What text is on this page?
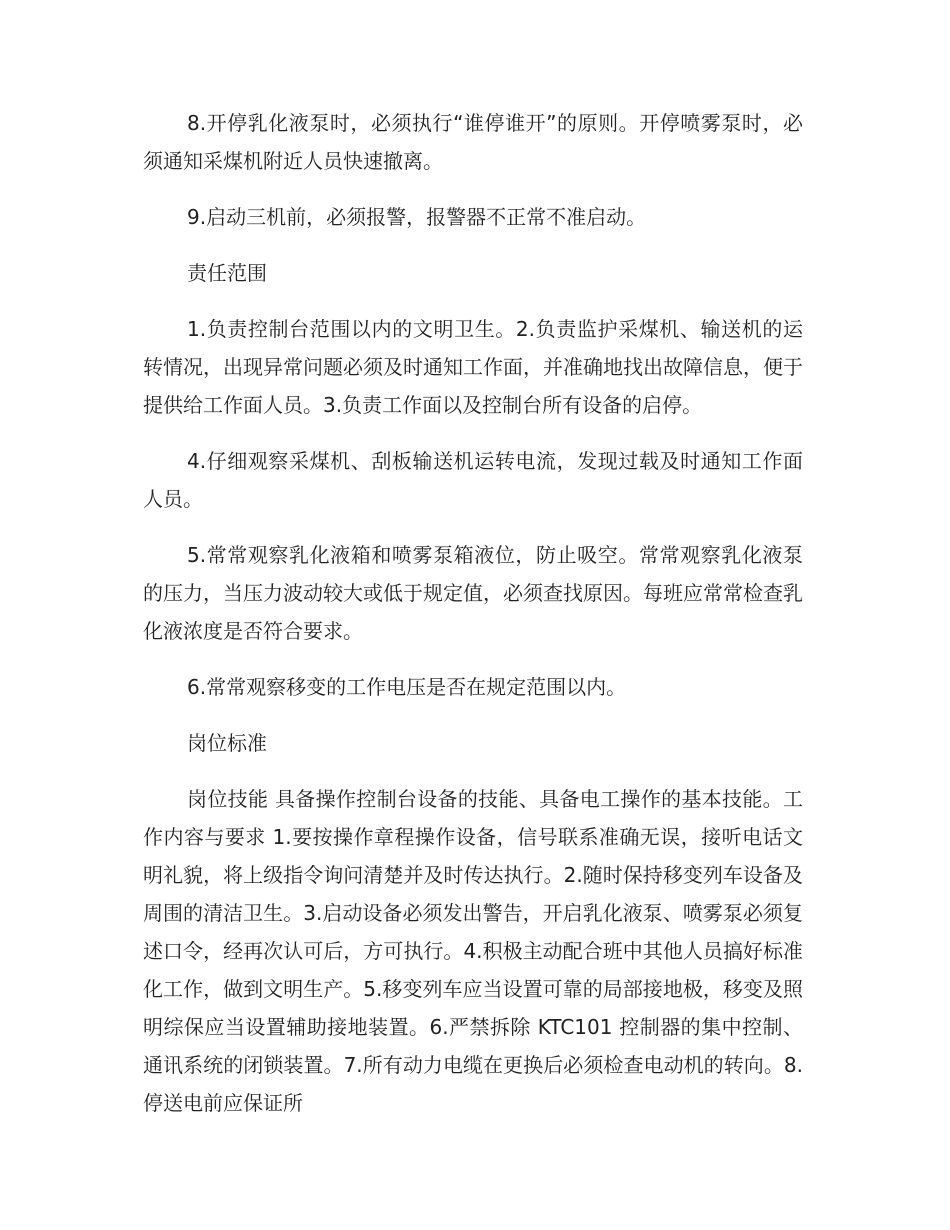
8.开停乳化液泵时，必须执行“谁停谁开”的原则。开停喷雾泵时，必须通知采煤机附近人员快速撤离。

9.启动三机前，必须报警，报警器不正常不准启动。

责任范围

1.负责控制台范围以内的文明卫生。2.负责监护采煤机、输送机的运转情况，出现异常问题必须及时通知工作面，并准确地找出故障信息，便于提供给工作面人员。3.负责工作面以及控制台所有设备的启停。

4.仔细观察采煤机、刮板输送机运转电流，发现过载及时通知工作面人员。

5.常常观察乳化液箱和喷雾泵箱液位，防止吸空。常常观察乳化液泵的压力，当压力波动较大或低于规定值，必须查找原因。每班应常常检查乳化液浓度是否符合要求。

6.常常观察移变的工作电压是否在规定范围以内。

岗位标准

岗位技能 具备操作控制台设备的技能、具备电工操作的基本技能。工作内容与要求 1.要按操作章程操作设备，信号联系准确无误，接听电话文明礼貌，将上级指令询问清楚并及时传达执行。2.随时保持移变列车设备及周围的清洁卫生。3.启动设备必须发出警告，开启乳化液泵、喷雾泵必须复述口令，经再次认可后，方可执行。4.积极主动配合班中其他人员搞好标准化工作，做到文明生产。5.移变列车应当设置可靠的局部接地极，移变及照明综保应当设置辅助接地装置。6.严禁拆除 KTC101 控制器的集中控制、通讯系统的闭锁装置。7.所有动力电缆在更换后必须检查电动机的转向。8.停送电前应保证所
